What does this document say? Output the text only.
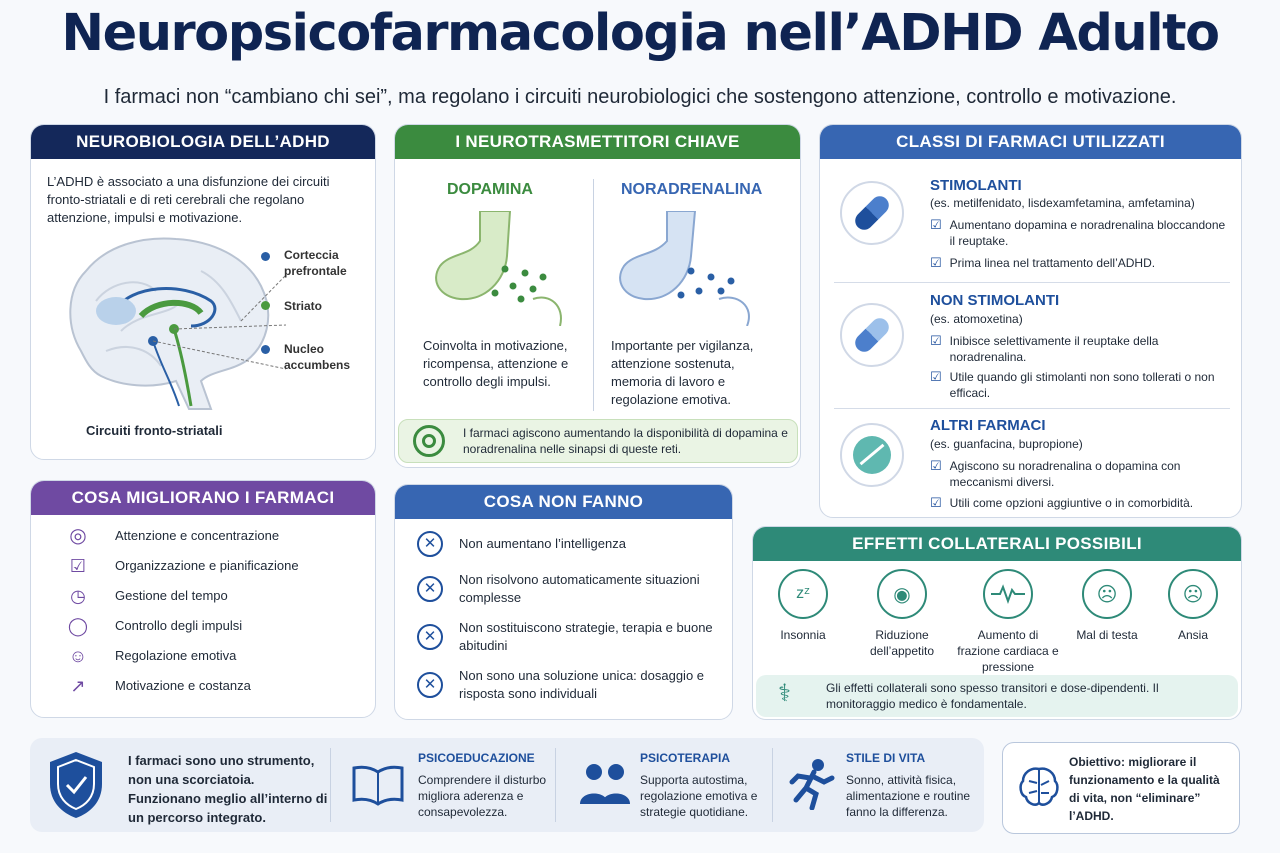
Neuropsicofarmacologia nell’ADHD Adulto
I farmaci non “cambiano chi sei”, ma regolano i circuiti neurobiologici che sostengono attenzione, controllo e motivazione.
NEUROBIOLOGIA DELL’ADHD
L’ADHD è associato a una disfunzione dei circuiti fronto-striatali e di reti cerebrali che regolano attenzione, impulsi e motivazione.
Corteccia prefrontale
Striato
Nucleo accumbens
Circuiti fronto-striatali
I NEUROTRASMETTITORI CHIAVE
DOPAMINA	NORADRENALINA
Coinvolta in motivazione, ricompensa, attenzione e controllo degli impulsi.
Importante per vigilanza, attenzione sostenuta, memoria di lavoro e regolazione emotiva.
I farmaci agiscono aumentando la disponibilità di dopamina e noradrenalina nelle sinapsi di queste reti.
CLASSI DI FARMACI UTILIZZATI
STIMOLANTI
(es. metilfenidato, lisdexamfetamina, amfetamina)
☑ Aumentano dopamina e noradrenalina bloccandone il reuptake.
☑ Prima linea nel trattamento dell’ADHD.
NON STIMOLANTI
(es. atomoxetina)
☑ Inibisce selettivamente il reuptake della noradrenalina.
☑ Utile quando gli stimolanti non sono tollerati o non efficaci.
ALTRI FARMACI
(es. guanfacina, bupropione)
☑ Agiscono su noradrenalina o dopamina con meccanismi diversi.
☑ Utili come opzioni aggiuntive o in comorbidità.
COSA MIGLIORANO I FARMACI
◎	Attenzione e concentrazione
☑	Organizzazione e pianificazione
◷	Gestione del tempo
◯	Controllo degli impulsi
☺	Regolazione emotiva
↗	Motivazione e costanza
COSA NON FANNO
✕	Non aumentano l’intelligenza
✕
Non risolvono automaticamente situazioni complesse
✕
Non sostituiscono strategie, terapia e buone abitudini
✕
Non sono una soluzione unica: dosaggio e risposta sono individuali
EFFETTI COLLATERALI POSSIBILI
zᶻ
Insonnia
◉
Riduzione dell’appetito
Aumento di frazione cardiaca e pressione
☹
Mal di testa
☹
Ansia
⚕	Gli effetti collaterali sono spesso transitori e dose-dipendenti. Il monitoraggio medico è fondamentale.
I farmaci sono uno strumento, non una scorciatoia. Funzionano meglio all’interno di un percorso integrato.
PSICOEDUCAZIONE
Comprendere il disturbo migliora aderenza e consapevolezza.
PSICOTERAPIA
Supporta autostima, regolazione emotiva e strategie quotidiane.
STILE DI VITA
Sonno, attività fisica, alimentazione e routine fanno la differenza.
Obiettivo: migliorare il funzionamento e la qualità di vita, non “eliminare” l’ADHD.
